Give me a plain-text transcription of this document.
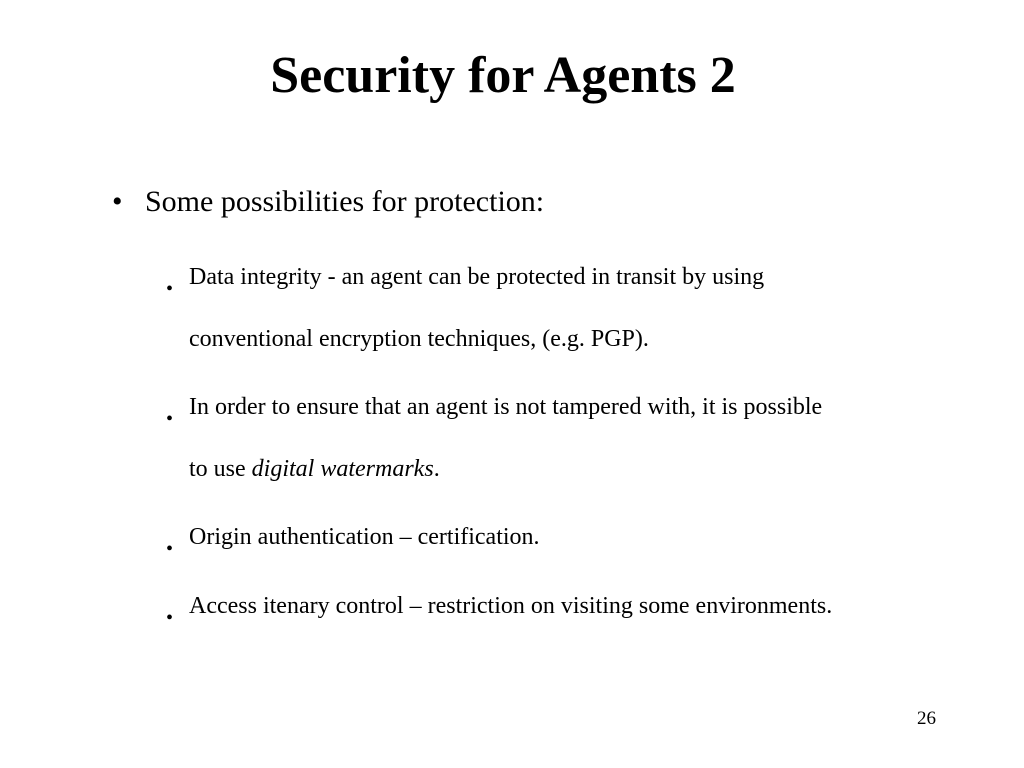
Security for Agents 2

• Some possibilities for protection:

• Data integrity - an agent can be protected in transit by using
conventional encryption techniques, (e.g. PGP).
• In order to ensure that an agent is not tampered with, it is possible
to use digital watermarks.
• Origin authentication – certification.
• Access itenary control – restriction on visiting some environments.

26
